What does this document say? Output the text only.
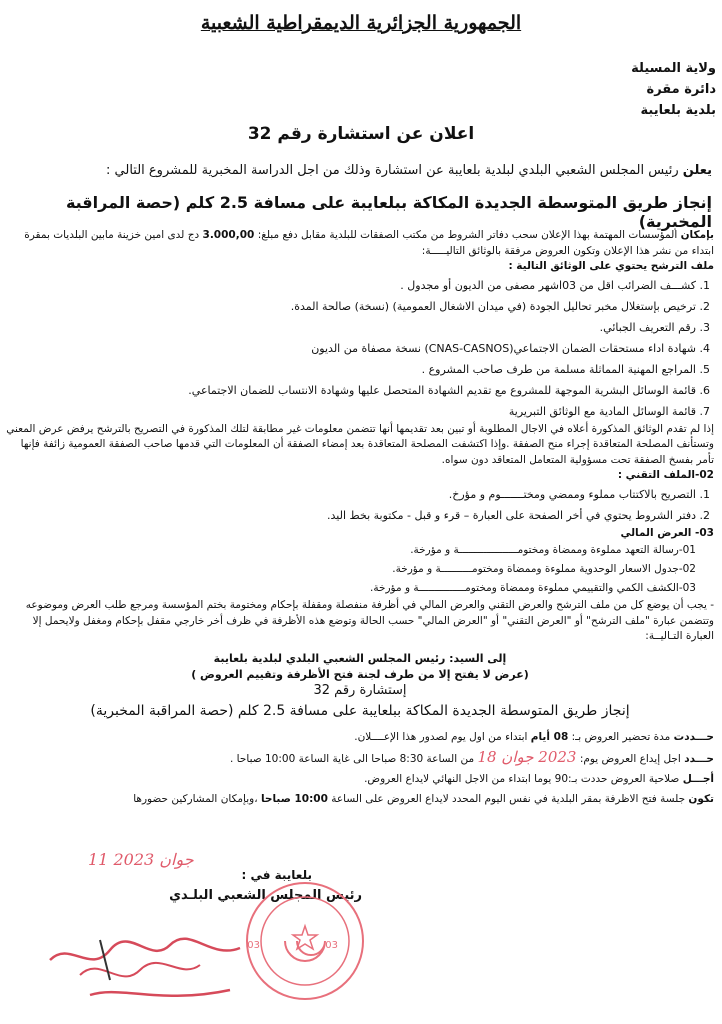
الجمهورية الجزائرية الديمقراطية الشعبية
ولاية المسيلة
دائرة مقرة
بلدية بلعايبة
اعلان عن استشارة رقم 32
يعلن رئيس المجلس الشعبي البلدي لبلدية بلعايبة عن استشارة وذلك من اجل الدراسة المخبرية للمشروع التالي :
إنجاز طريق المتوسطة الجديدة المكاكة ببلعايبة على مسافة 2.5 كلم (حصة المراقبة المخبرية)

بإمكان المؤسسات المهتمة بهذا الإعلان سحب دفاتر الشروط من مكتب الصفقات للبلدية مقابل دفع مبلغ: 3.000,00 دج لدى امين خزينة مابين البلديات بمقرة ابتداء من نشر هذا الإعلان وتكون العروض مرفقة بالوثائق التاليـــــة:

ملف الترشح يحتوي على الوثائق التالية :

1. كشـــف الضرائب اقل من 03اشهر مصفى من الديون أو مجدول .
2. ترخيص بإستغلال مخبر تحاليل الجودة (في ميدان الاشغال العمومية) (نسخة) صالحة المدة.
3. رقم التعريف الجبائي.
4. شهادة اداء مستحقات الضمان الاجتماعي(CNAS-CASNOS) نسخة مصفاة من الديون
5. المراجع المهنية المماثلة مسلمة من طرف صاحب المشروع .
6. قائمة الوسائل البشرية الموجهة للمشروع مع تقديم الشهادة المتحصل عليها وشهادة الانتساب للضمان الاجتماعي.
7. قائمة الوسائل المادية مع الوثائق التبريرية

إذا لم تقدم الوثائق المذكورة أعلاه في الاجال المطلوبة أو تبين بعد تقديمها أنها تتضمن معلومات غير مطابقة لتلك المذكورة في التصريح بالترشح يرفض عرض المعني وتستأنف المصلحة المتعاقدة إجراء منح الصفقة .وإذا اكتشفت المصلحة المتعاقدة بعد إمضاء الصفقة أن المعلومات التي قدمها صاحب الصفقة العمومية زائفة فإنها تأمر بفسخ الصفقة تحت مسؤولية المتعامل المتعاقد دون سواه.

02-الملف التقني :

1. التصريح بالاكتتاب مملوء وممضي ومختـــــــوم و مؤرخ.
2. دفتر الشروط يحتوي في أخر الصفحة على العبارة – قرء و قبل - مكتوبة بخط اليد.

03- العرض المالي

01-رسالة التعهد مملوءة وممضاة ومختومـــــــــــــــــــة و مؤرخة.

02-جدول الاسعار الوحدوية مملوءة وممضاة ومختومــــــــــة و مؤرخة.

03-الكشف الكمي والتقييمي مملوءة وممضاة ومختومـــــــــــــــة و مؤرخة.

- يجب أن يوضع كل من ملف الترشح والعرض التقني والعرض المالي في أظرفة منفصلة ومقفلة بإحكام ومختومة بختم المؤسسة ومرجع طلب العرض وموضوعه وتتضمن عبارة "ملف الترشح" أو "العرض التقني" أو "العرض المالي" حسب الحالة وتوضع هذه الأظرفة في ظرف أخر خارجي مقفل بإحكام ومغفل ولايحمل إلا العبارة التـاليــة:

إلى السيد: رئيس المجلس الشعبي البلدي لبلدية بلعايبة
(عرض لا يفتح إلا من طرف لجنة فتح الأظرفة وتقييم العروض )
إستشارة رقم 32
إنجاز طريق المتوسطة الجديدة المكاكة ببلعايبة على مسافة 2.5 كلم (حصة المراقبة المخبرية)

حـــددت مدة تحضير العروض بـ: 08 أيام ابتداء من اول يوم لصدور هذا الإعــــلان.

حـــدد اجل إيداع العروض يوم: 2023 جوان 18 من الساعة 8:30 صباحا الى غاية الساعة 10:00 صباحا .

أجـــل صلاحية العروض حددت بـ:90 يوما ابتداء من الاجل النهائي لايداع العروض.

تكون جلسة فتح الاظرفة بمقر البلدية في نفس اليوم المحدد لايداع العروض على الساعة 10:00 صباحا ،وبإمكان المشاركين حضورها

11 جوان 2023
بلعايبة في :
رئيس المجلس الشعبي البلـدي
03	03
